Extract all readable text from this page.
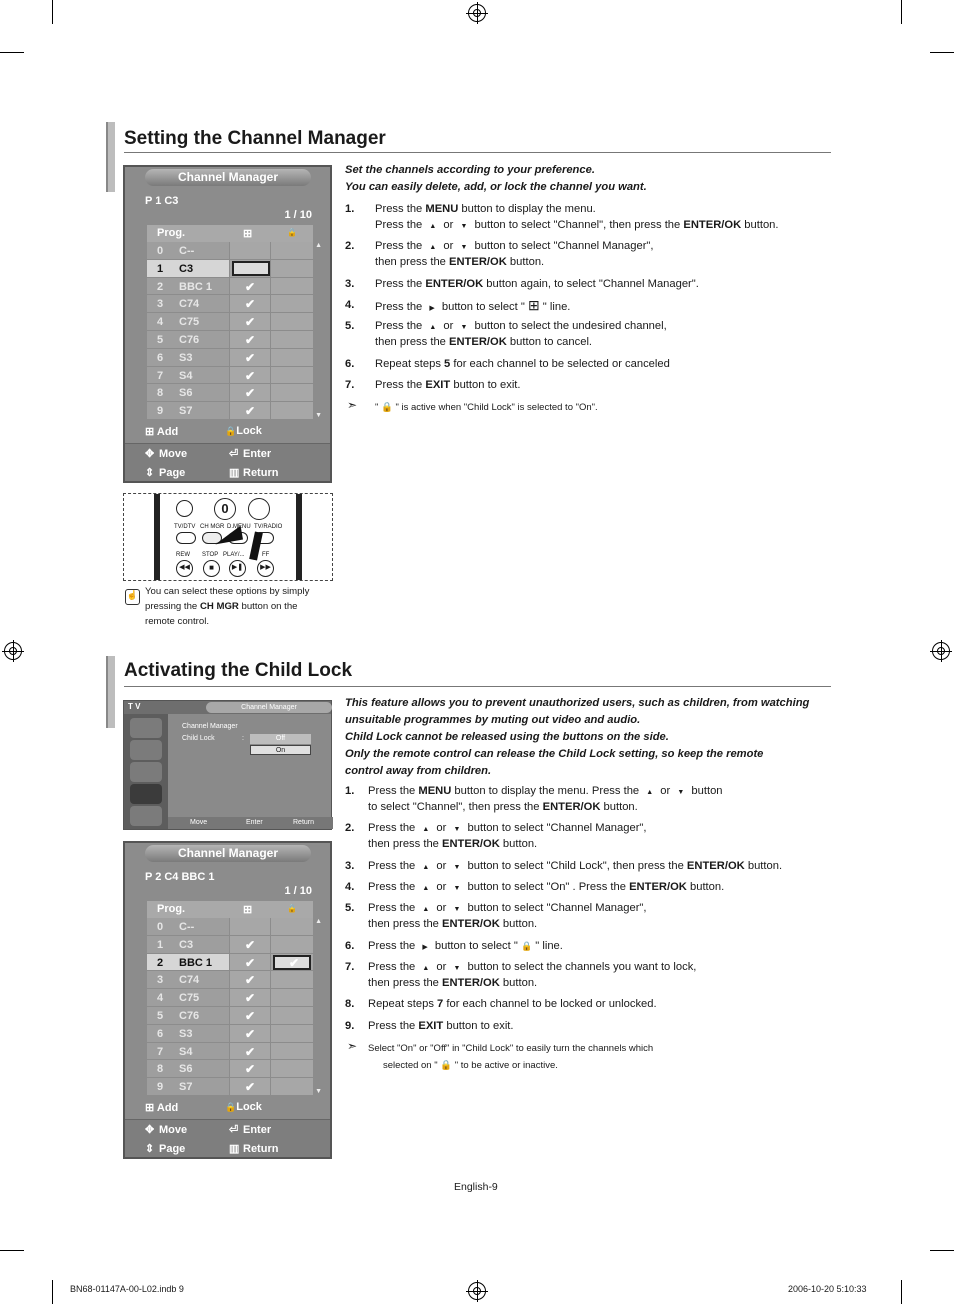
Setting the Channel Manager
Channel Manager
P 1 C3
1 / 10
Prog.	⊞	🔒
0 C--
1 C3
2 BBC 1	✔
3 C74	✔
4 C75	✔
5 C76	✔
6 S3	✔
7 S4	✔
8 S6	✔
9 S7	✔
▲
▼
⊞ Add	🔒Lock
✥ Move	⏎ Enter
⇕ Page	▥ Return
0
TV/DTV CH MGR D.MENU TV/RADIO
REW STOP PLAY/...	FF
◀◀	■	▶❚	▶▶
☝ You can select these options by simply
pressing the CH MGR button on the
remote control.
Set the channels according to your preference.
You can easily delete, add, or lock the channel you want.
1. Press the MENU button to display the menu.
Press the ▲ or ▼ button to select "Channel", then press the ENTER/OK button.
2. Press the ▲ or ▼ button to select "Channel Manager",
then press the ENTER/OK button.
3. Press the ENTER/OK button again, to select "Channel Manager".
4. Press the ▶ button to select " ⊞ " line.
5. Press the ▲ or ▼ button to select the undesired channel,
then press the ENTER/OK button to cancel.
6. Repeat steps 5 for each channel to be selected or canceled
7. Press the EXIT button to exit.
➣ " 🔒 " is active when "Child Lock" is selected to "On".
Activating the Child Lock
T V	Channel Manager
Channel Manager
Child Lock	:	Off
On
Move	Enter	Return
Channel Manager
P 2 C4 BBC 1
1 / 10
Prog.	⊞	🔒
0 C--
1 C3	✔
2 BBC 1	✔	✔
3 C74	✔
4 C75	✔
5 C76	✔
6 S3	✔
7 S4	✔
8 S6	✔
9 S7	✔
▲
▼
⊞ Add	🔒Lock
✥ Move	⏎ Enter
⇕ Page	▥ Return
This feature allows you to prevent unauthorized users, such as children, from watching
unsuitable programmes by muting out video and audio.
Child Lock cannot be released using the buttons on the side.
Only the remote control can release the Child Lock setting, so keep the remote
control away from children.
1. Press the MENU button to display the menu. Press the ▲ or ▼ button
to select "Channel", then press the ENTER/OK button.
2. Press the ▲ or ▼ button to select "Channel Manager",
then press the ENTER/OK button.
3. Press the ▲ or ▼ button to select "Child Lock", then press the ENTER/OK button.
4. Press the ▲ or ▼ button to select "On" . Press the ENTER/OK button.
5. Press the ▲ or ▼ button to select "Channel Manager",
then press the ENTER/OK button.
6. Press the ▶ button to select " 🔒 " line.
7. Press the ▲ or ▼ button to select the channels you want to lock,
then press the ENTER/OK button.
8. Repeat steps 7 for each channel to be locked or unlocked.
9. Press the EXIT button to exit.
➣ Select "On" or "Off" in "Child Lock" to easily turn the channels which
selected on " 🔒 " to be active or inactive.
English-9
BN68-01147A-00-L02.indb 9	2006-10-20 5:10:33
